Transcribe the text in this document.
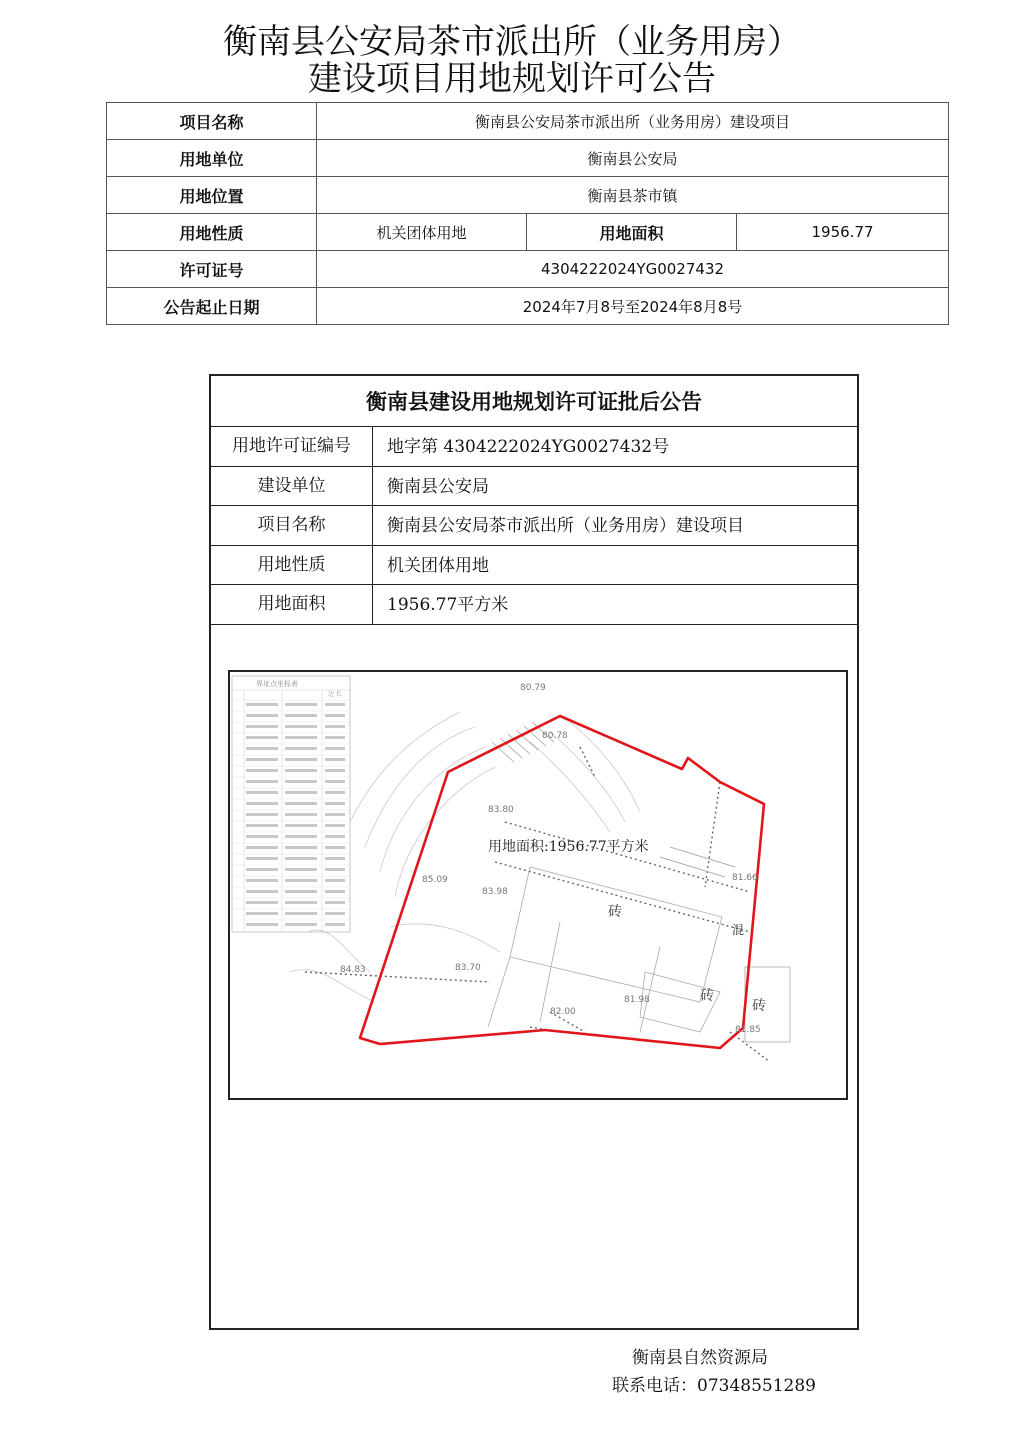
衡南县公安局茶市派出所（业务用房）
建设项目用地规划许可公告
项目名称	衡南县公安局茶市派出所（业务用房）建设项目		
用地单位	衡南县公安局		
用地位置	衡南县茶市镇		
用地性质	机关团体用地	用地面积	1956.77
许可证号	4304222024YG0027432		
公告起止日期	2024年7月8号至2024年8月8号		
衡南县建设用地规划许可证批后公告
用地许可证编号	地字第 4304222024YG0027432号
建设单位	衡南县公安局
项目名称	衡南县公安局茶市派出所（业务用房）建设项目
用地性质	机关团体用地
用地面积	1956.77平方米
界址点坐标表
边 长
砖
砖
砖
混
80.79
80.78
83.80
83.98
83.70
81.98
81.85
82.00
85.09
84.83
81.66
用地面积:1956.77平方米
衡南县自然资源局
联系电话：07348551289
